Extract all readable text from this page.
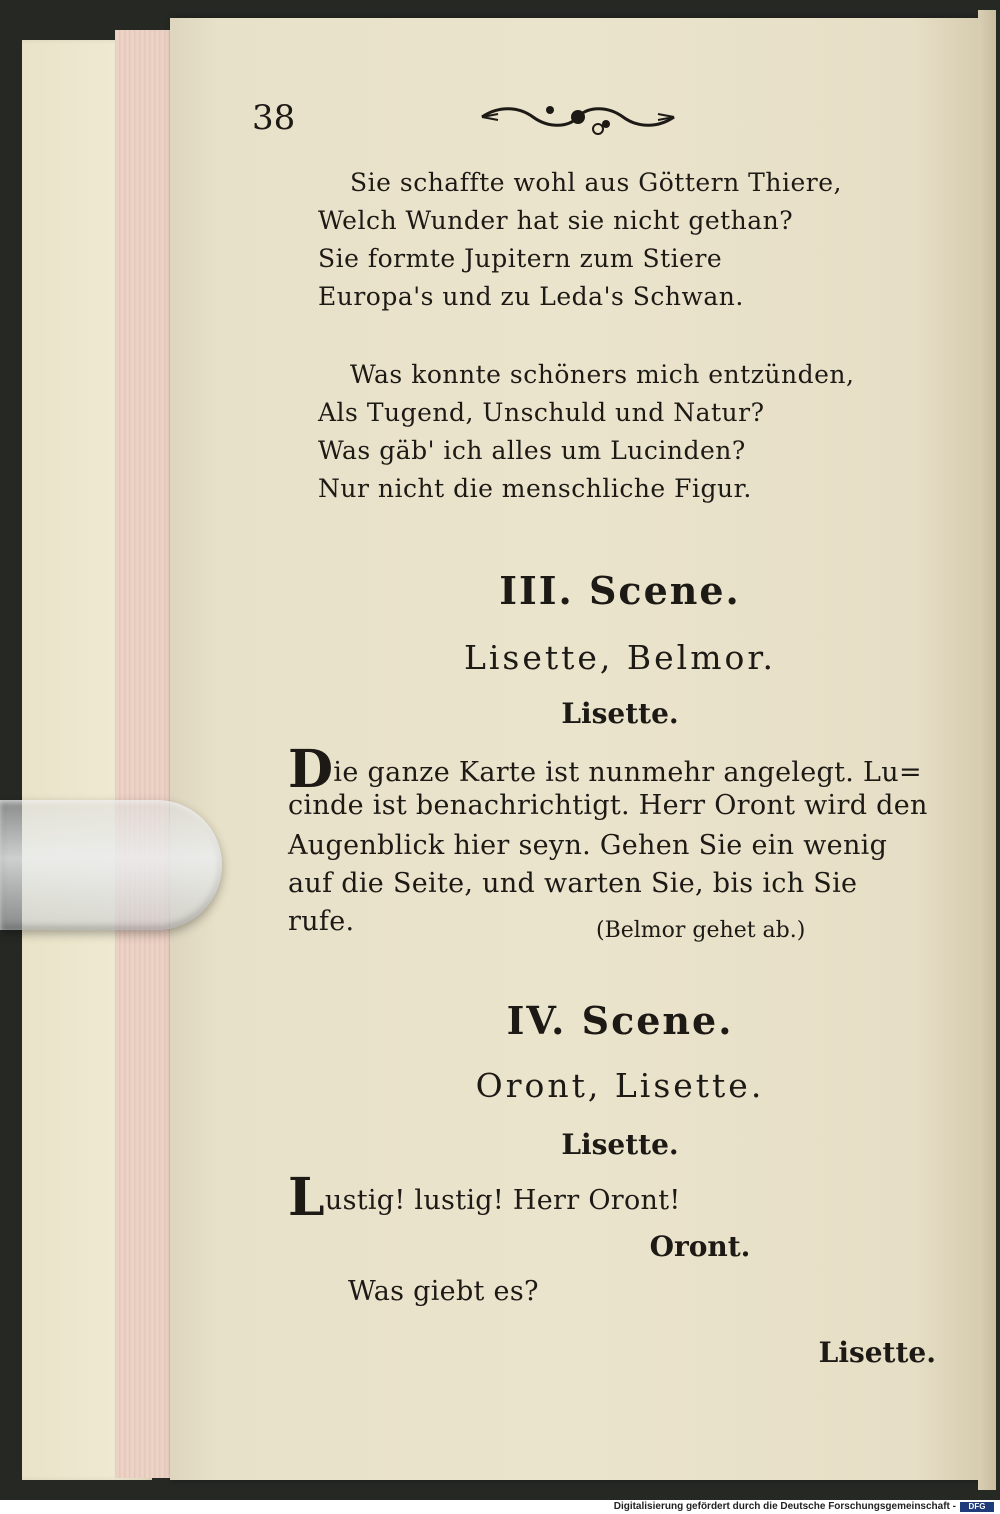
38
Sie schaffte wohl aus Göttern Thiere,
Welch Wunder hat sie nicht gethan?
Sie formte Jupitern zum Stiere
Europa's und zu Leda's Schwan.
Was konnte schöners mich entzünden,
Als Tugend, Unschuld und Natur?
Was gäb' ich alles um Lucinden?
Nur nicht die menschliche Figur.
III. Scene.
Lisette, Belmor.
Lisette.
Die ganze Karte ist nunmehr angelegt. Lu=
cinde ist benachrichtigt. Herr Oront wird den
Augenblick hier seyn. Gehen Sie ein wenig
auf die Seite, und warten Sie, bis ich Sie
rufe.	(Belmor gehet ab.)
IV. Scene.
Oront, Lisette.
Lisette.
Lustig! lustig! Herr Oront!
Oront.
Was giebt es?
Lisette.
Digitalisierung gefördert durch die Deutsche Forschungsgemeinschaft -	DFG
